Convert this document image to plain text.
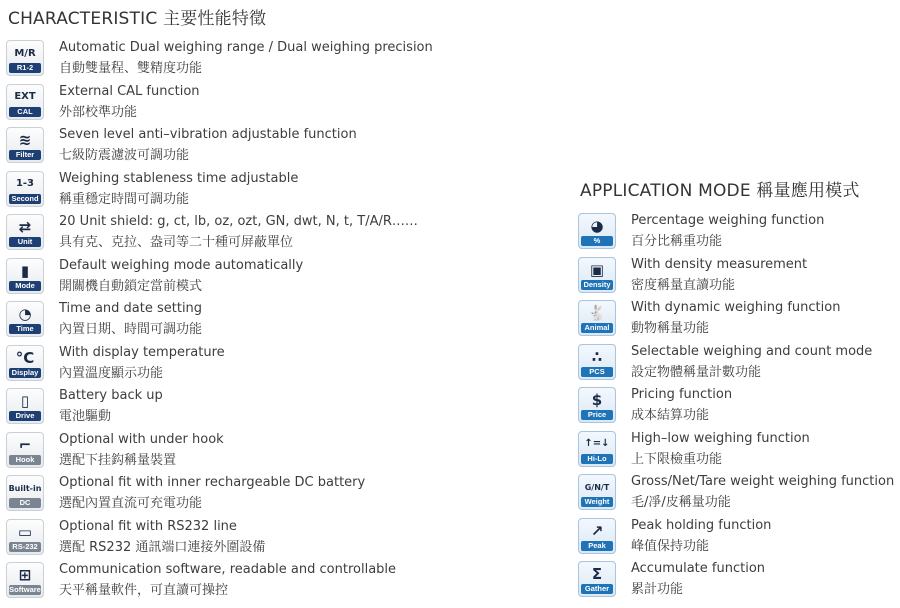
CHARACTERISTIC 主要性能特徵
APPLICATION MODE 稱量應用模式
M/R
R1-2
Automatic Dual weighing range / Dual weighing precision
自動雙量程、雙精度功能
EXT
CAL
External CAL function
外部校準功能
≋
Filter
Seven level anti–vibration adjustable function
七級防震濾波可調功能
1-3
Second
Weighing stableness time adjustable
稱重穩定時間可調功能
⇄
Unit
20 Unit shield: g, ct, lb, oz, ozt, GN, dwt, N, t, T/A/R……
具有克、克拉、盎司等二十種可屏蔽單位
▮
Mode
Default weighing mode automatically
開關機自動鎖定當前模式
◔
Time
Time and date setting
內置日期、時間可調功能
°C
Display
With display temperature
內置溫度顯示功能
▯
Drive
Battery back up
電池驅動
⌐
Hook
Optional with under hook
選配下挂鈎稱量裝置
Built-in
DC
Optional fit with inner rechargeable DC battery
選配內置直流可充電功能
▭
RS-232
Optional fit with RS232 line
選配 RS232 通訊端口連接外圍設備
⊞
Software
Communication software, readable and controllable
天平稱量軟件，可直讀可操控
◕
%
Percentage weighing function
百分比稱重功能
▣
Density
With density measurement
密度稱量直讀功能
🐇
Animal
With dynamic weighing function
動物稱量功能
∴
PCS
Selectable weighing and count mode
設定物體稱量計數功能
$
Price
Pricing function
成本結算功能
↑=↓
Hi-Lo
High–low weighing function
上下限檢重功能
G/N/T
Weight
Gross/Net/Tare weight weighing function
毛/凈/皮稱量功能
↗
Peak
Peak holding function
峰值保持功能
Σ
Gather
Accumulate function
累計功能
